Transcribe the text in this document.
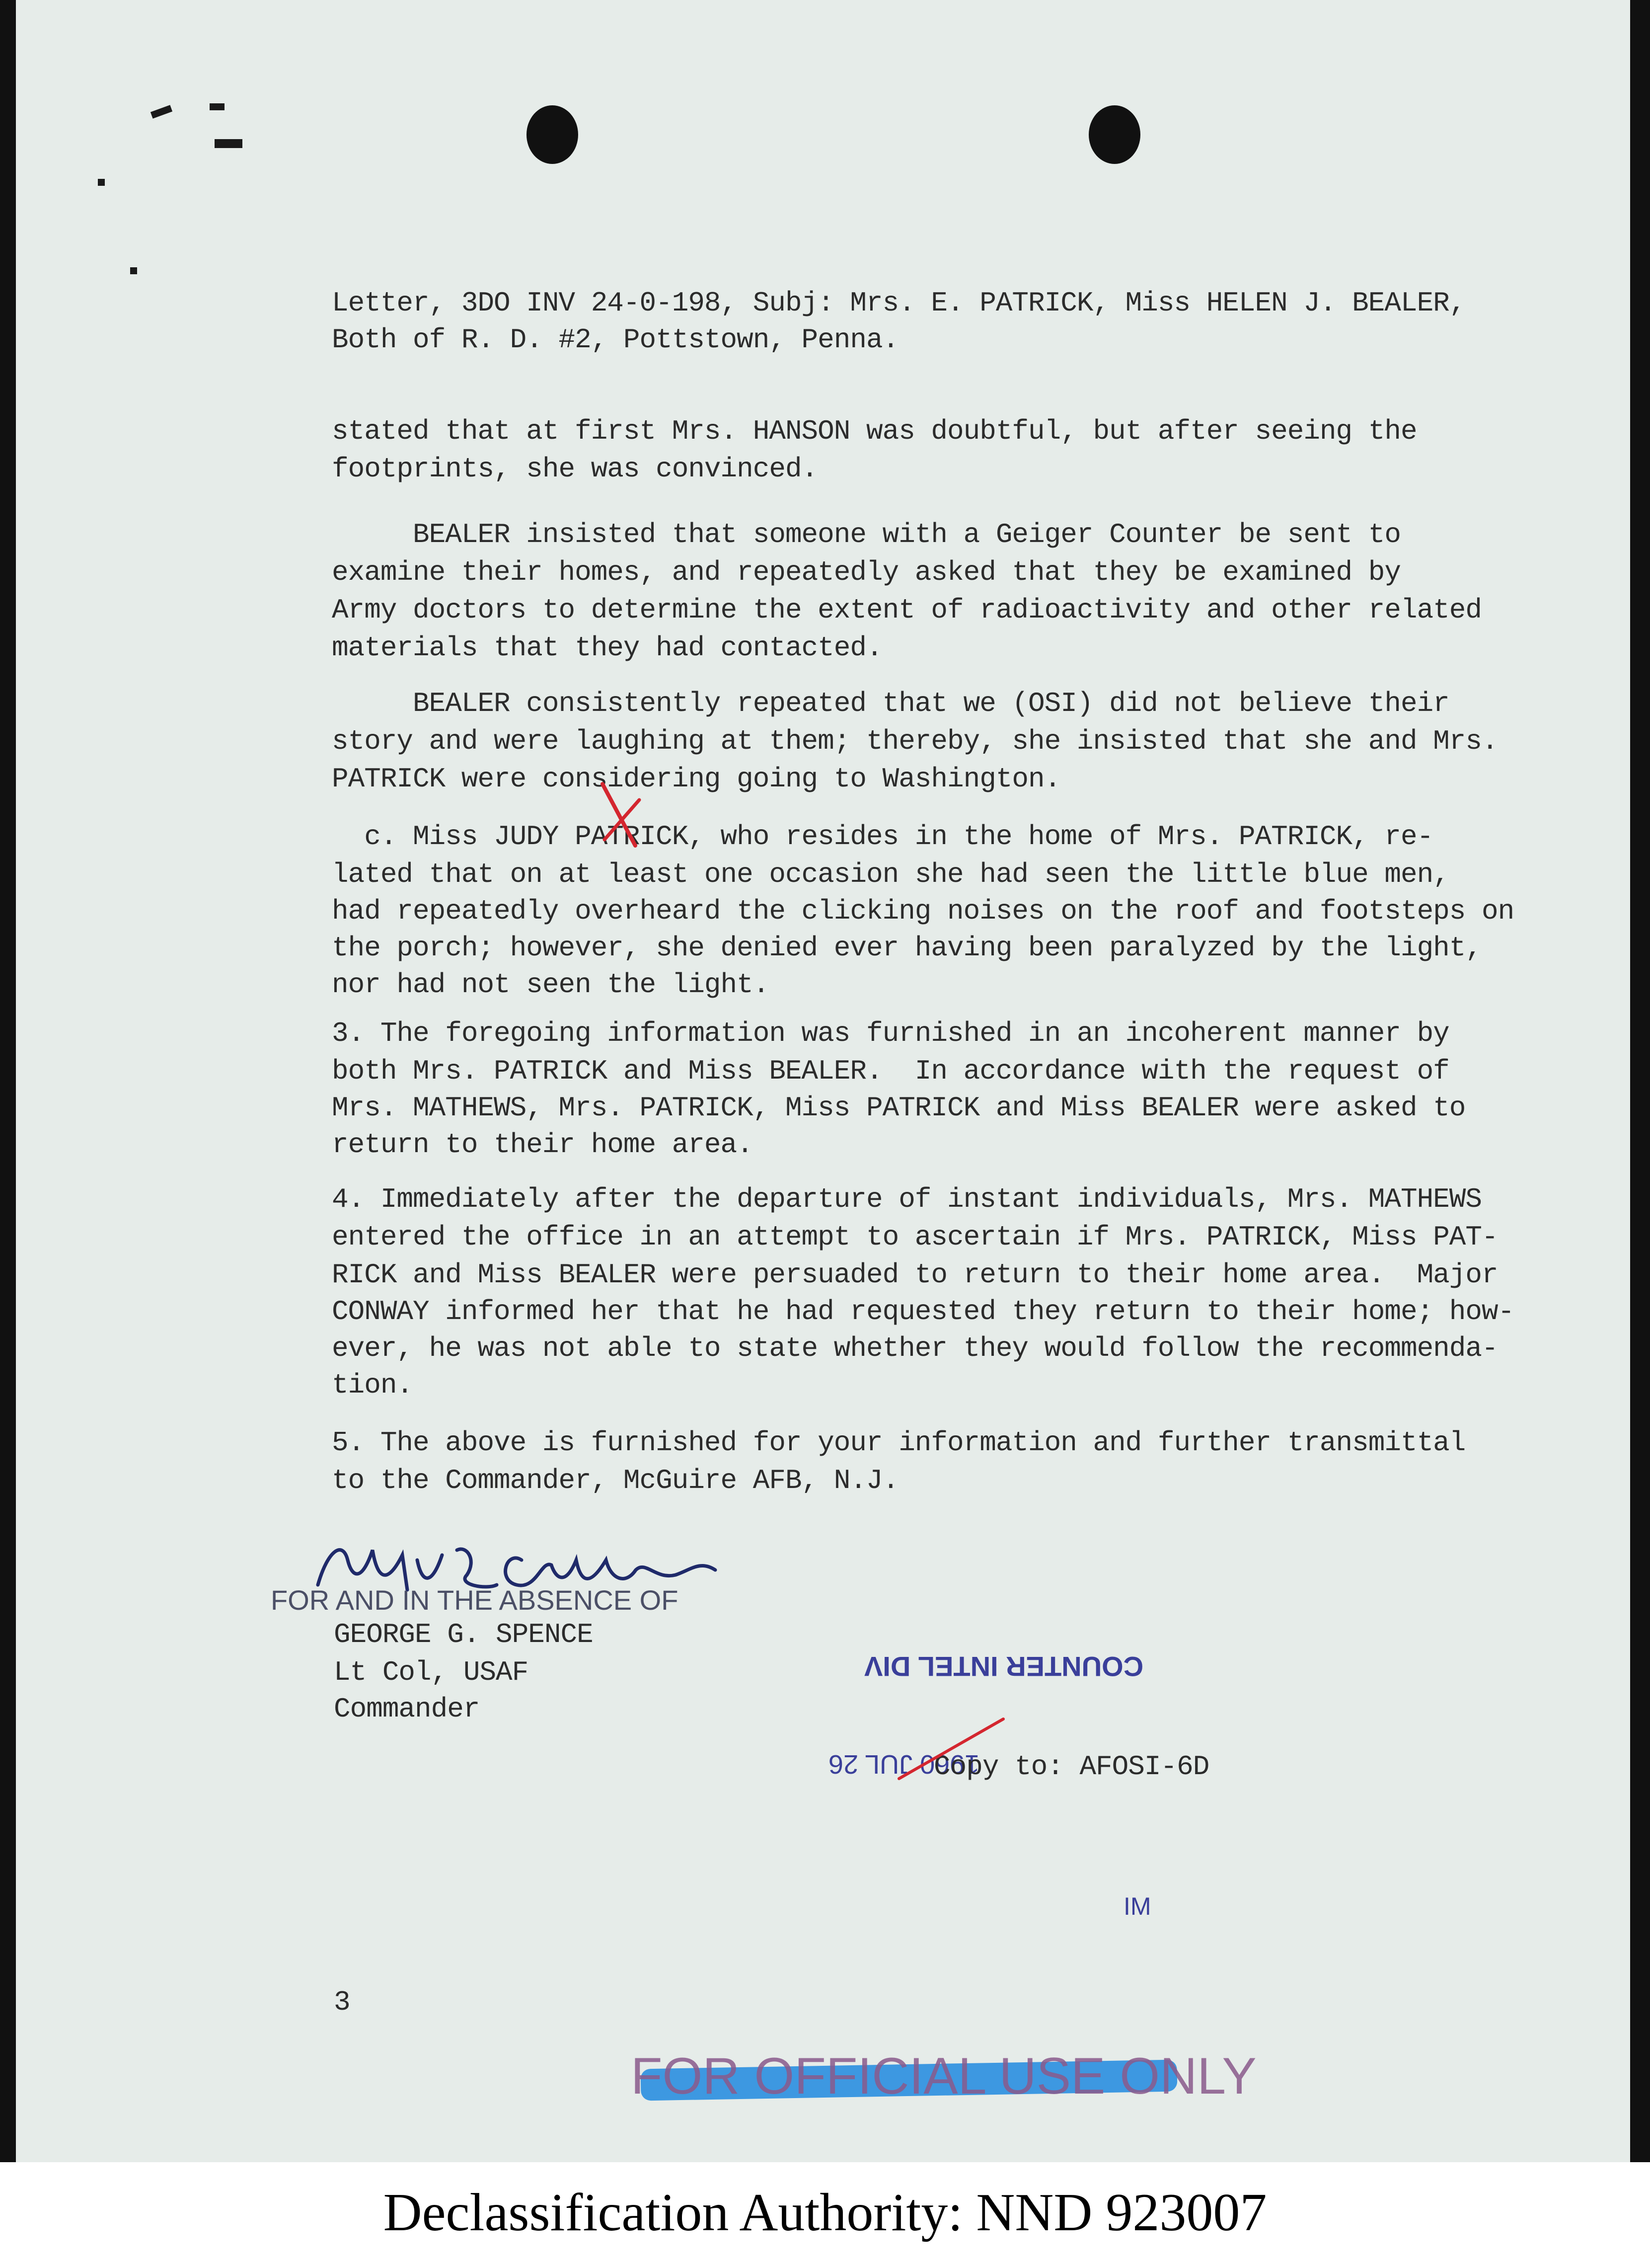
Letter, 3DO INV 24-0-198, Subj: Mrs. E. PATRICK, Miss HELEN J. BEALER,
Both of R. D. #2, Pottstown, Penna.
stated that at first Mrs. HANSON was doubtful, but after seeing the
footprints, she was convinced.
BEALER insisted that someone with a Geiger Counter be sent to
examine their homes, and repeatedly asked that they be examined by
Army doctors to determine the extent of radioactivity and other related
materials that they had contacted.
BEALER consistently repeated that we (OSI) did not believe their
story and were laughing at them; thereby, she insisted that she and Mrs.
PATRICK were considering going to Washington.
c. Miss JUDY PATRICK, who resides in the home of Mrs. PATRICK, re-
lated that on at least one occasion she had seen the little blue men,
had repeatedly overheard the clicking noises on the roof and footsteps on
the porch; however, she denied ever having been paralyzed by the light,
nor had not seen the light.
3. The foregoing information was furnished in an incoherent manner by
both Mrs. PATRICK and Miss BEALER.  In accordance with the request of
Mrs. MATHEWS, Mrs. PATRICK, Miss PATRICK and Miss BEALER were asked to
return to their home area.
4. Immediately after the departure of instant individuals, Mrs. MATHEWS
entered the office in an attempt to ascertain if Mrs. PATRICK, Miss PAT-
RICK and Miss BEALER were persuaded to return to their home area.  Major
CONWAY informed her that he had requested they return to their home; how-
ever, he was not able to state whether they would follow the recommenda-
tion.
5. The above is furnished for your information and further transmittal
to the Commander, McGuire AFB, N.J.
FOR AND IN THE ABSENCE OF
GEORGE G. SPENCE
Lt Col, USAF
Commander
COUNTER INTEL DIV
1960 JUL 26
Copy to: AFOSI-6D
IM
3
FOR OFFICIAL USE ONLY
Declassification Authority: NND 923007
